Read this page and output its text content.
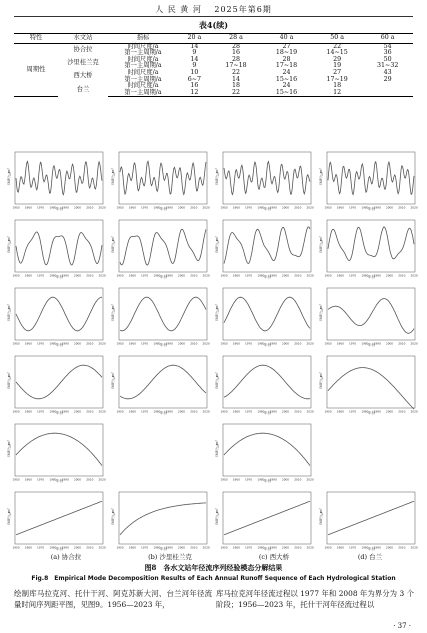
人 民 黄 河　 2025年第6期
表4(续)
特性	水文站	指标	20 a	28 a	40 a	50 a	60 a
周期性	协合拉	时间尺度/a	14	28	27	22	54
		第一主周期/a	9	16	18~19	14~15	36
	沙里桂兰克	时间尺度/a	14	28	28	29	50
		第一主周期/a	9	17~18	17~18	19	31~32
	西大桥	时间尺度/a	10	22	24	27	43
		第一主周期/a	6~7	14	15~16	17~19	29
	台兰	时间尺度/a	16	18	24	18	
		第一主周期/a	12	22	15~16	12	
1950 1960 1970 1980 1990 2000 2010 2020
IMF/亿m³
年份	1950 1960 1970 1980 1990 2000 2010 2020
IMF/亿m³
年份	1950 1960 1970 1980 1990 2000 2010 2020
IMF/亿m³
年份	1950 1960 1970 1980 1990 2000 2010 2020
IMF/亿m³
年份
1950 1960 1970 1980 1990 2000 2010 2020
IMF/亿m³
年份	1950 1960 1970 1980 1990 2000 2010 2020
IMF/亿m³
年份	1950 1960 1970 1980 1990 2000 2010 2020
IMF/亿m³
年份	1950 1960 1970 1980 1990 2000 2010 2020
IMF/亿m³
年份
1950 1960 1970 1980 1990 2000 2010 2020
IMF/亿m³
年份	1950 1960 1970 1980 1990 2000 2010 2020
IMF/亿m³
年份	1950 1960 1970 1980 1990 2000 2010 2020
IMF/亿m³
年份	1950 1960 1970 1980 1990 2000 2010 2020
IMF/亿m³
年份
1950 1960 1970 1980 1990 2000 2010 2020
IMF/亿m³
年份	1950 1960 1970 1980 1990 2000 2010 2020
IMF/亿m³
年份	1950 1960 1970 1980 1990 2000 2010 2020
IMF/亿m³
年份	1950 1960 1970 1980 1990 2000 2010 2020
IMF/亿m³
年份
1950 1960 1970 1980 1990 2000 2010 2020
IMF/亿m³
年份	1950 1960 1970 1980 1990 2000 2010 2020
IMF/亿m³
年份
1950 1960 1970 1980 1990 2000 2010 2020
IMF/亿m³
年份	1950 1960 1970 1980 1990 2000 2010 2020
IMF/亿m³
年份	1950 1960 1970 1980 1990 2000 2010 2020
IMF/亿m³
年份	1950 1960 1970 1980 1990 2000 2010 2020
IMF/亿m³
年份
(a) 协合拉	(b) 沙里桂兰克	(c) 西大桥	(d) 台兰
图8　各水文站年径流序列经验模态分解结果
Fig.8　Empirical Mode Decomposition Results of Each Annual Runoff Sequence of Each Hydrological Station
绘制库马拉克河、托什干河、阿克苏新大河、台兰河年径流量时间序列距平图，见图9。1956—2023 年，
库马拉克河年径流过程以 1977 年和 2008 年为界分为 3 个阶段；1956—2023 年，托什干河年径流过程以
· 37 ·
